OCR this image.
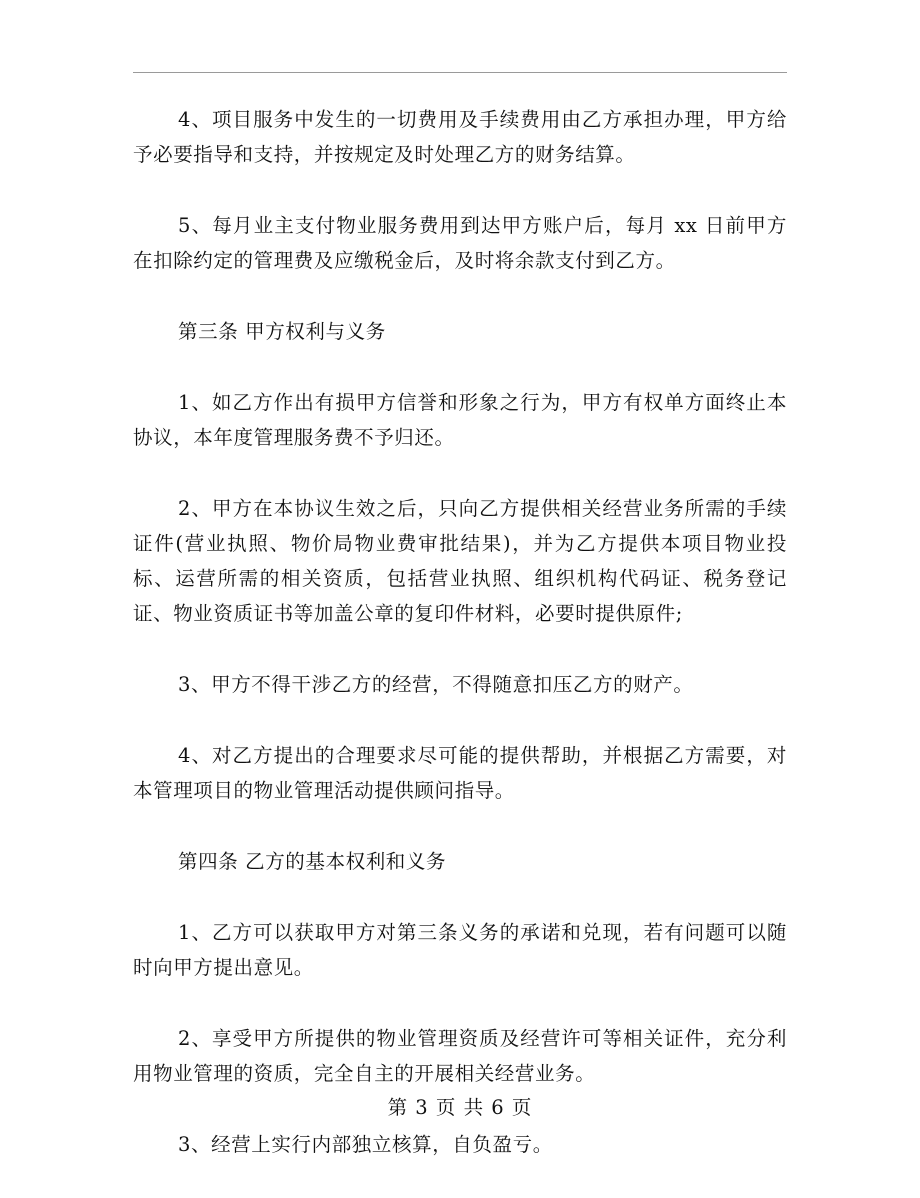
4、项目服务中发生的一切费用及手续费用由乙方承担办理，甲方给予必要指导和支持，并按规定及时处理乙方的财务结算。

5、每月业主支付物业服务费用到达甲方账户后，每月 xx 日前甲方在扣除约定的管理费及应缴税金后，及时将余款支付到乙方。

第三条 甲方权利与义务

1、如乙方作出有损甲方信誉和形象之行为，甲方有权单方面终止本协议，本年度管理服务费不予归还。

2、甲方在本协议生效之后，只向乙方提供相关经营业务所需的手续证件(营业执照、物价局物业费审批结果)，并为乙方提供本项目物业投标、运营所需的相关资质，包括营业执照、组织机构代码证、税务登记证、物业资质证书等加盖公章的复印件材料，必要时提供原件;

3、甲方不得干涉乙方的经营，不得随意扣压乙方的财产。

4、对乙方提出的合理要求尽可能的提供帮助，并根据乙方需要，对本管理项目的物业管理活动提供顾问指导。

第四条 乙方的基本权利和义务

1、乙方可以获取甲方对第三条义务的承诺和兑现，若有问题可以随时向甲方提出意见。

2、享受甲方所提供的物业管理资质及经营许可等相关证件，充分利用物业管理的资质，完全自主的开展相关经营业务。

3、经营上实行内部独立核算，自负盈亏。

第 3 页 共 6 页
